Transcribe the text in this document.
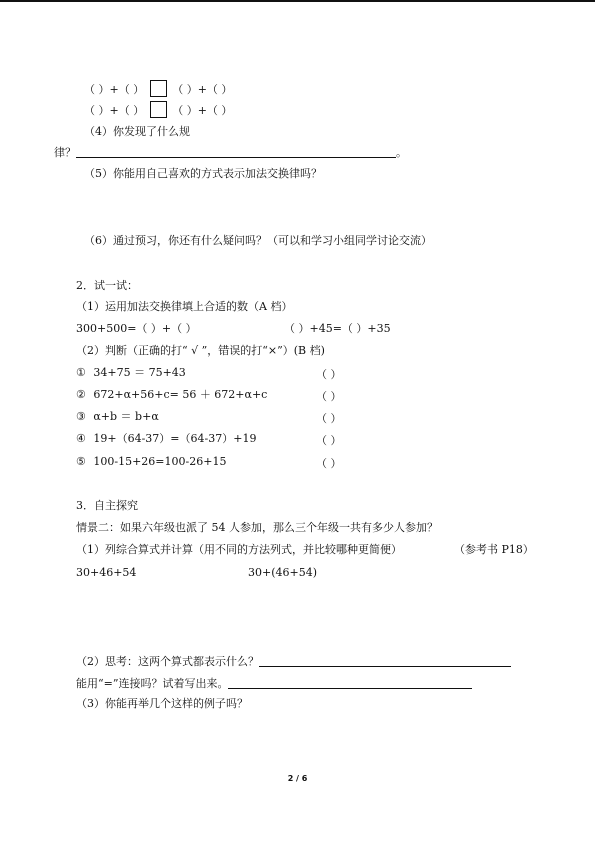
（ ）+（ ）	（ ）+（ ）
（ ）+（ ）	（ ）+（ ）
（4）你发现了什么规
律？	。
（5）你能用自己喜欢的方式表示加法交换律吗？
（6）通过预习，你还有什么疑问吗？（可以和学习小组同学讨论交流）
2．试一试：
（1）运用加法交换律填上合适的数（A 档）
300+500=（ ）+（ ）	（ ）+45=（ ）+35
（2）判断（正确的打“ √ ”，错误的打“×”）(B 档)
① 34+75 ＝ 75+43	（ ）
② 672+α+56+c= 56 ＋ 672+α+c	（ ）
③ α+b ＝ b+α	（ ）
④ 19+（64-37）=（64-37）+19	（ ）
⑤ 100-15+26=100-26+15	（ ）
3．自主探究
情景二：如果六年级也派了 54 人参加，那么三个年级一共有多少人参加？
（1）列综合算式并计算（用不同的方法列式，并比较哪种更简便）	（参考书 P18）
30+46+54	30+(46+54)
（2）思考：这两个算式都表示什么？
能用“=”连接吗？试着写出来。
（3）你能再举几个这样的例子吗？
2 / 6
